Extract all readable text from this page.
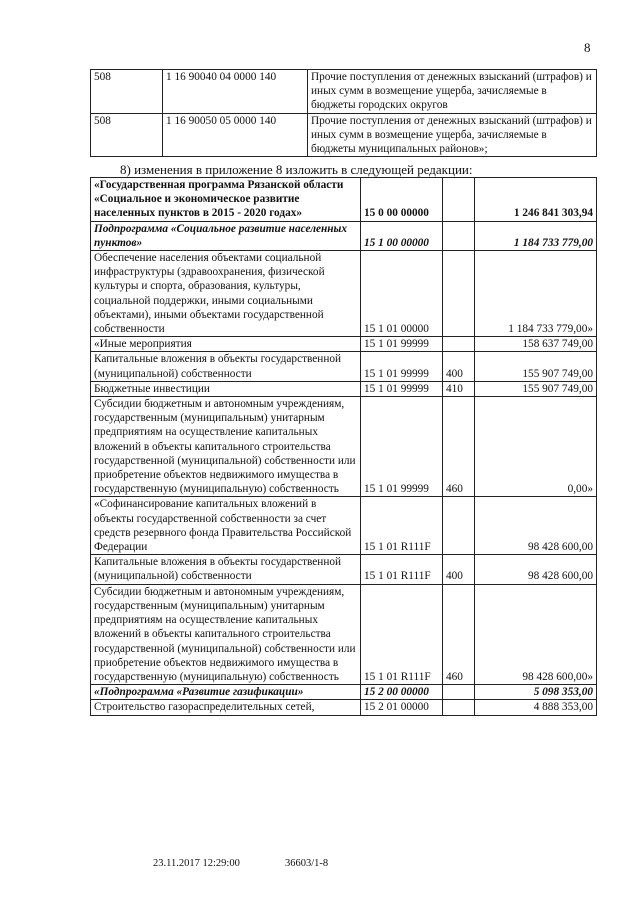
8
508	1 16 90040 04 0000 140	Прочие поступления от денежных взысканий (штрафов) и иных сумм в возмещение ущерба, зачисляемые в бюджеты городских округов
508	1 16 90050 05 0000 140	Прочие поступления от денежных взысканий (штрафов) и иных сумм в возмещение ущерба, зачисляемые в бюджеты муниципальных районов»;
8) изменения в приложение 8 изложить в следующей редакции:
«Государственная программа Рязанской области «Социальное и экономическое развитие населенных пунктов в 2015 - 2020 годах»	15 0 00 00000		1 246 841 303,94
Подпрограмма «Социальное развитие населенных пунктов»	15 1 00 00000		1 184 733 779,00
Обеспечение населения объектами социальной инфраструктуры (здравоохранения, физической культуры и спорта, образования, культуры, социальной поддержки, иными социальными объектами), иными объектами государственной собственности	15 1 01 00000		1 184 733 779,00»
«Иные мероприятия	15 1 01 99999		158 637 749,00
Капитальные вложения в объекты государственной (муниципальной) собственности	15 1 01 99999	400	155 907 749,00
Бюджетные инвестиции	15 1 01 99999	410	155 907 749,00
Субсидии бюджетным и автономным учреждениям, государственным (муниципальным) унитарным предприятиям на осуществление капитальных вложений в объекты капитального строительства государственной (муниципальной) собственности или приобретение объектов недвижимого имущества в государственную (муниципальную) собственность	15 1 01 99999	460	0,00»
«Софинансирование капитальных вложений в объекты государственной собственности за счет средств резервного фонда Правительства Российской Федерации	15 1 01 R111F		98 428 600,00
Капитальные вложения в объекты государственной (муниципальной) собственности	15 1 01 R111F	400	98 428 600,00
Субсидии бюджетным и автономным учреждениям, государственным (муниципальным) унитарным предприятиям на осуществление капитальных вложений в объекты капитального строительства государственной (муниципальной) собственности или приобретение объектов недвижимого имущества в государственную (муниципальную) собственность	15 1 01 R111F	460	98 428 600,00»
«Подпрограмма «Развитие газификации»	15 2 00 00000		5 098 353,00
Строительство газораспределительных сетей,	15 2 01 00000		4 888 353,00
23.11.2017 12:29:00	36603/1-8
